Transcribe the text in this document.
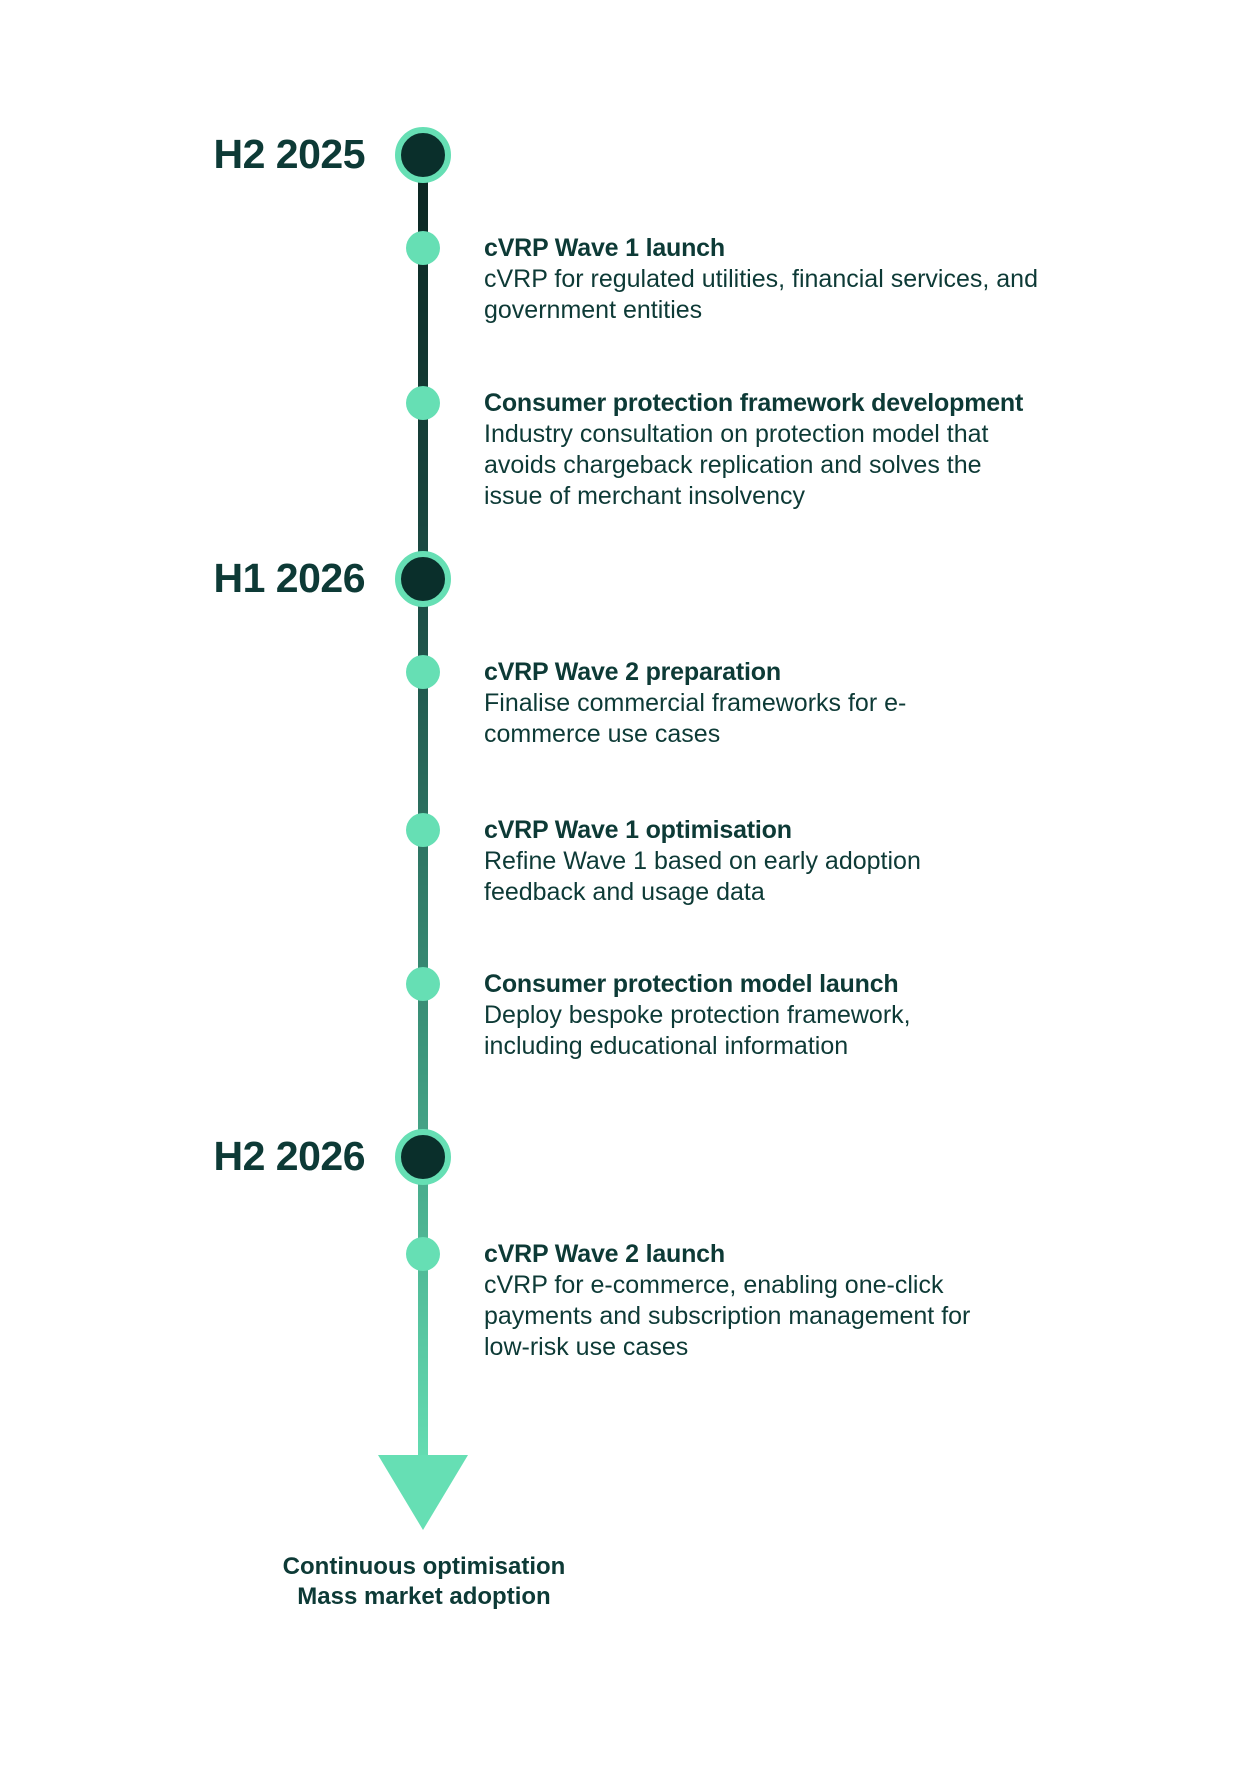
H2 2025
H1 2026
H2 2026
cVRP Wave 1 launch
cVRP for regulated utilities, financial services, and government entities
Consumer protection framework development
Industry consultation on protection model that avoids chargeback replication and solves the issue of merchant insolvency
cVRP Wave 2 preparation
Finalise commercial frameworks for e-commerce use cases
cVRP Wave 1 optimisation
Refine Wave 1 based on early adoption feedback and usage data
Consumer protection model launch
Deploy bespoke protection framework, including educational information
cVRP Wave 2 launch
cVRP for e-commerce, enabling one-click payments and subscription management for low-risk use cases
Continuous optimisation
Mass market adoption
